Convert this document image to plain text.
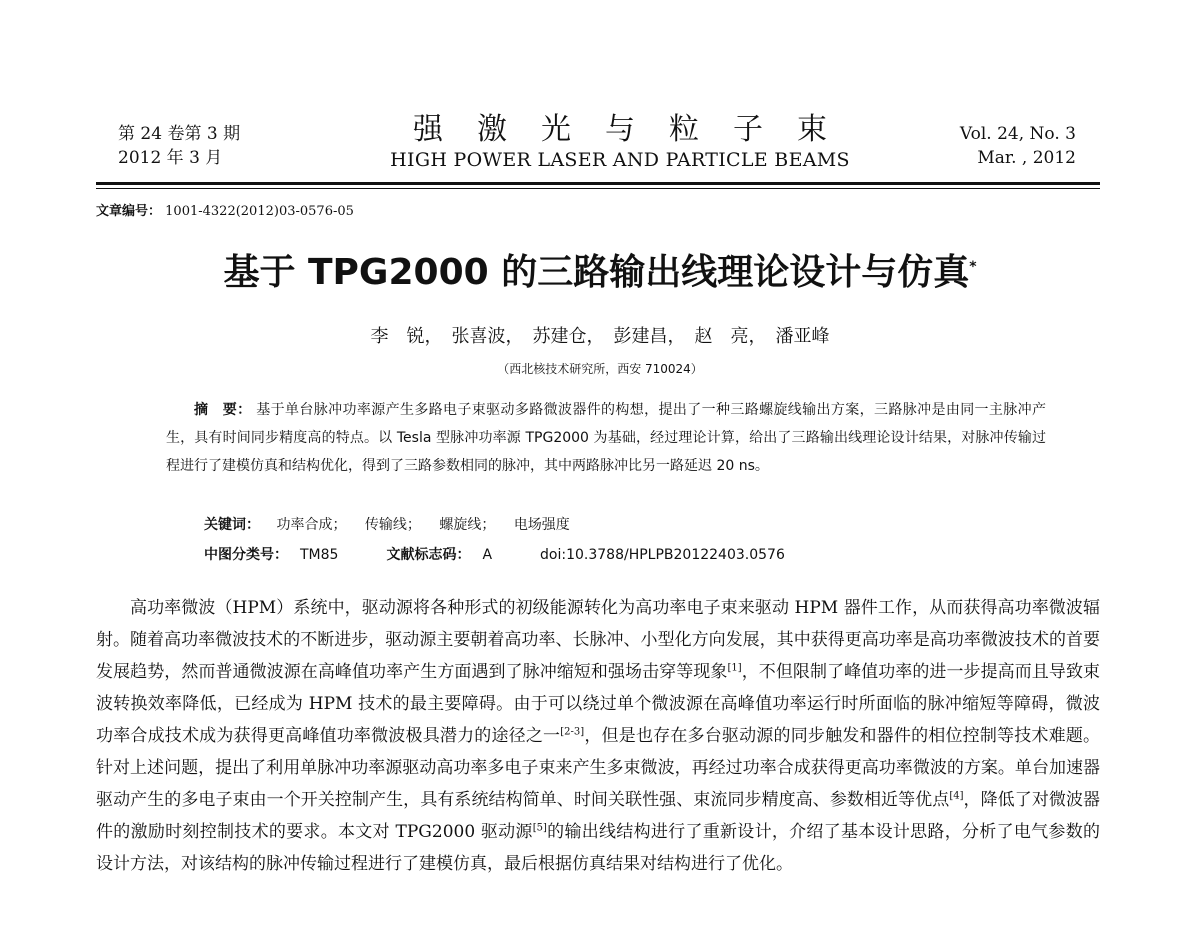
第 24 卷第 3 期
2012 年 3 月
强激光与粒子束
HIGH POWER LASER AND PARTICLE BEAMS
Vol. 24, No. 3
Mar. , 2012
文章编号： 1001-4322(2012)03-0576-05
基于 TPG2000 的三路输出线理论设计与仿真*
李　锐，　张喜波，　苏建仓，　彭建昌，　赵　亮，　潘亚峰
（西北核技术研究所，西安 710024）
摘　要： 基于单台脉冲功率源产生多路电子束驱动多路微波器件的构想，提出了一种三路螺旋线输出方案，三路脉冲是由同一主脉冲产生，具有时间同步精度高的特点。以 Tesla 型脉冲功率源 TPG2000 为基础，经过理论计算，给出了三路输出线理论设计结果，对脉冲传输过程进行了建模仿真和结构优化，得到了三路参数相同的脉冲，其中两路脉冲比另一路延迟 20 ns。
关键词： 功率合成； 传输线； 螺旋线； 电场强度
中图分类号： TM85	文献标志码： A	doi:10.3788/HPLPB20122403.0576
高功率微波（HPM）系统中，驱动源将各种形式的初级能源转化为高功率电子束来驱动 HPM 器件工作，从而获得高功率微波辐射。随着高功率微波技术的不断进步，驱动源主要朝着高功率、长脉冲、小型化方向发展，其中获得更高功率是高功率微波技术的首要发展趋势，然而普通微波源在高峰值功率产生方面遇到了脉冲缩短和强场击穿等现象[1]，不但限制了峰值功率的进一步提高而且导致束波转换效率降低，已经成为 HPM 技术的最主要障碍。由于可以绕过单个微波源在高峰值功率运行时所面临的脉冲缩短等障碍，微波功率合成技术成为获得更高峰值功率微波极具潜力的途径之一[2-3]，但是也存在多台驱动源的同步触发和器件的相位控制等技术难题。针对上述问题，提出了利用单脉冲功率源驱动高功率多电子束来产生多束微波，再经过功率合成获得更高功率微波的方案。单台加速器驱动产生的多电子束由一个开关控制产生，具有系统结构简单、时间关联性强、束流同步精度高、参数相近等优点[4]，降低了对微波器件的激励时刻控制技术的要求。本文对 TPG2000 驱动源[5]的输出线结构进行了重新设计，介绍了基本设计思路，分析了电气参数的设计方法，对该结构的脉冲传输过程进行了建模仿真，最后根据仿真结果对结构进行了优化。
